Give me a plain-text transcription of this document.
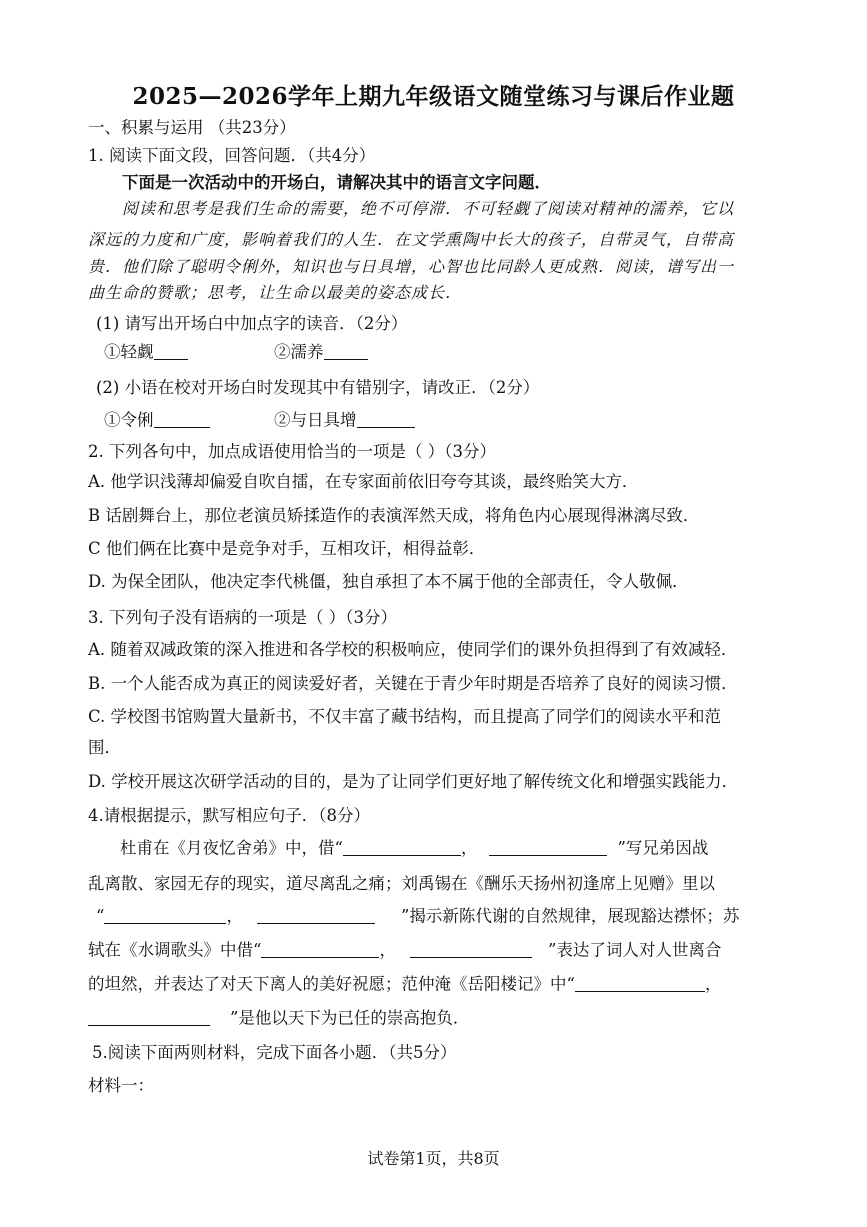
2025—2026学年上期九年级语文随堂练习与课后作业题
一、积累与运用 （共23分）
1. 阅读下面文段，回答问题．（共4分）
下面是一次活动中的开场白，请解决其中的语言文字问题．
阅读和思考是我们生命的需要，绝不可停滞．不可轻觑了阅读对精神的濡养，它以
深远的力度和广度，影响着我们的人生．在文学熏陶中长大的孩子，自带灵气，自带高
贵．他们除了聪明令俐外，知识也与日具增，心智也比同龄人更成熟．阅读，谱写出一
曲生命的赞歌；思考，让生命以最美的姿态成长．
(1) 请写出开场白中加点字的读音．（2分）
①轻觑	②濡养
(2) 小语在校对开场白时发现其中有错别字，请改正．（2分）
①令俐	②与日具增
2. 下列各句中，加点成语使用恰当的一项是（ ）（3分）
A. 他学识浅薄却偏爱自吹自擂，在专家面前依旧夸夸其谈，最终贻笑大方．
B 话剧舞台上，那位老演员矫揉造作的表演浑然天成，将角色内心展现得淋漓尽致．
C 他们俩在比赛中是竞争对手，互相攻讦，相得益彰．
D. 为保全团队，他决定李代桃僵，独自承担了本不属于他的全部责任，令人敬佩．
3. 下列句子没有语病的一项是（ ）（3分）
A. 随着双减政策的深入推进和各学校的积极响应，使同学们的课外负担得到了有效减轻．
B. 一个人能否成为真正的阅读爱好者，关键在于青少年时期是否培养了良好的阅读习惯．
C. 学校图书馆购置大量新书，不仅丰富了藏书结构，而且提高了同学们的阅读水平和范
围．
D. 学校开展这次研学活动的目的，是为了让同学们更好地了解传统文化和增强实践能力．
4.请根据提示，默写相应句子．（8分）
杜甫在《月夜忆舍弟》中，借“	，	”写兄弟因战
乱离散、家园无存的现实，道尽离乱之痛；刘禹锡在《酬乐天扬州初逢席上见赠》里以
“	，	”揭示新陈代谢的自然规律，展现豁达襟怀；苏
轼在《水调歌头》中借“	，	”表达了词人对人世离合
的坦然，并表达了对天下离人的美好祝愿；范仲淹《岳阳楼记》中“	，
”是他以天下为已任的崇高抱负．
5.阅读下面两则材料，完成下面各小题．（共5分）
材料一：
试卷第1页，共8页
